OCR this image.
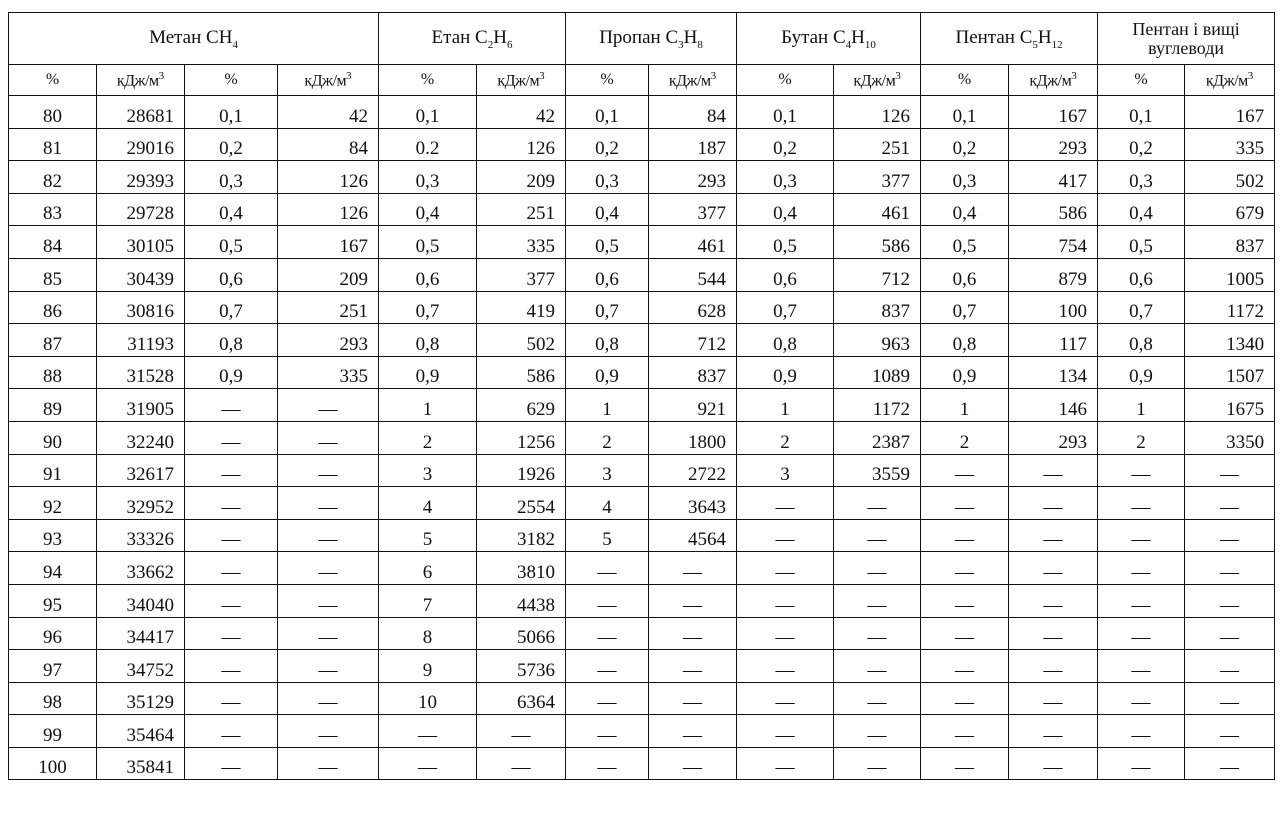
Метан $CH_4$				Етан $C_2H_6$		Пропан $C_3H_8$		Бутан $C_4H_{10}$		Пентан $C_5H_{12}$		Пентан і вищі вуглеводи	
%	кДж/$м^3$	%	кДж/$м^3$	%	кДж/$м^3$	%	кДж/$м^3$	%	кДж/$м^3$	%	кДж/$м^3$	%	кДж/$м^3$
80	28681	0,1	42	0,1	42	0,1	84	0,1	126	0,1	167	0,1	167
81	29016	0,2	84	0.2	126	0,2	187	0,2	251	0,2	293	0,2	335
82	29393	0,3	126	0,3	209	0,3	293	0,3	377	0,3	417	0,3	502
83	29728	0,4	126	0,4	251	0,4	377	0,4	461	0,4	586	0,4	679
84	30105	0,5	167	0,5	335	0,5	461	0,5	586	0,5	754	0,5	837
85	30439	0,6	209	0,6	377	0,6	544	0,6	712	0,6	879	0,6	1005
86	30816	0,7	251	0,7	419	0,7	628	0,7	837	0,7	100	0,7	1172
87	31193	0,8	293	0,8	502	0,8	712	0,8	963	0,8	117	0,8	1340
88	31528	0,9	335	0,9	586	0,9	837	0,9	1089	0,9	134	0,9	1507
89	31905	—	—	1	629	1	921	1	1172	1	146	1	1675
90	32240	—	—	2	1256	2	1800	2	2387	2	293	2	3350
91	32617	—	—	3	1926	3	2722	3	3559	—	—	—	—
92	32952	—	—	4	2554	4	3643	—	—	—	—	—	—
93	33326	—	—	5	3182	5	4564	—	—	—	—	—	—
94	33662	—	—	6	3810	—	—	—	—	—	—	—	—
95	34040	—	—	7	4438	—	—	—	—	—	—	—	—
96	34417	—	—	8	5066	—	—	—	—	—	—	—	—
97	34752	—	—	9	5736	—	—	—	—	—	—	—	—
98	35129	—	—	10	6364	—	—	—	—	—	—	—	—
99	35464	—	—	—	—	—	—	—	—	—	—	—	—
100	35841	—	—	—	—	—	—	—	—	—	—	—	—
